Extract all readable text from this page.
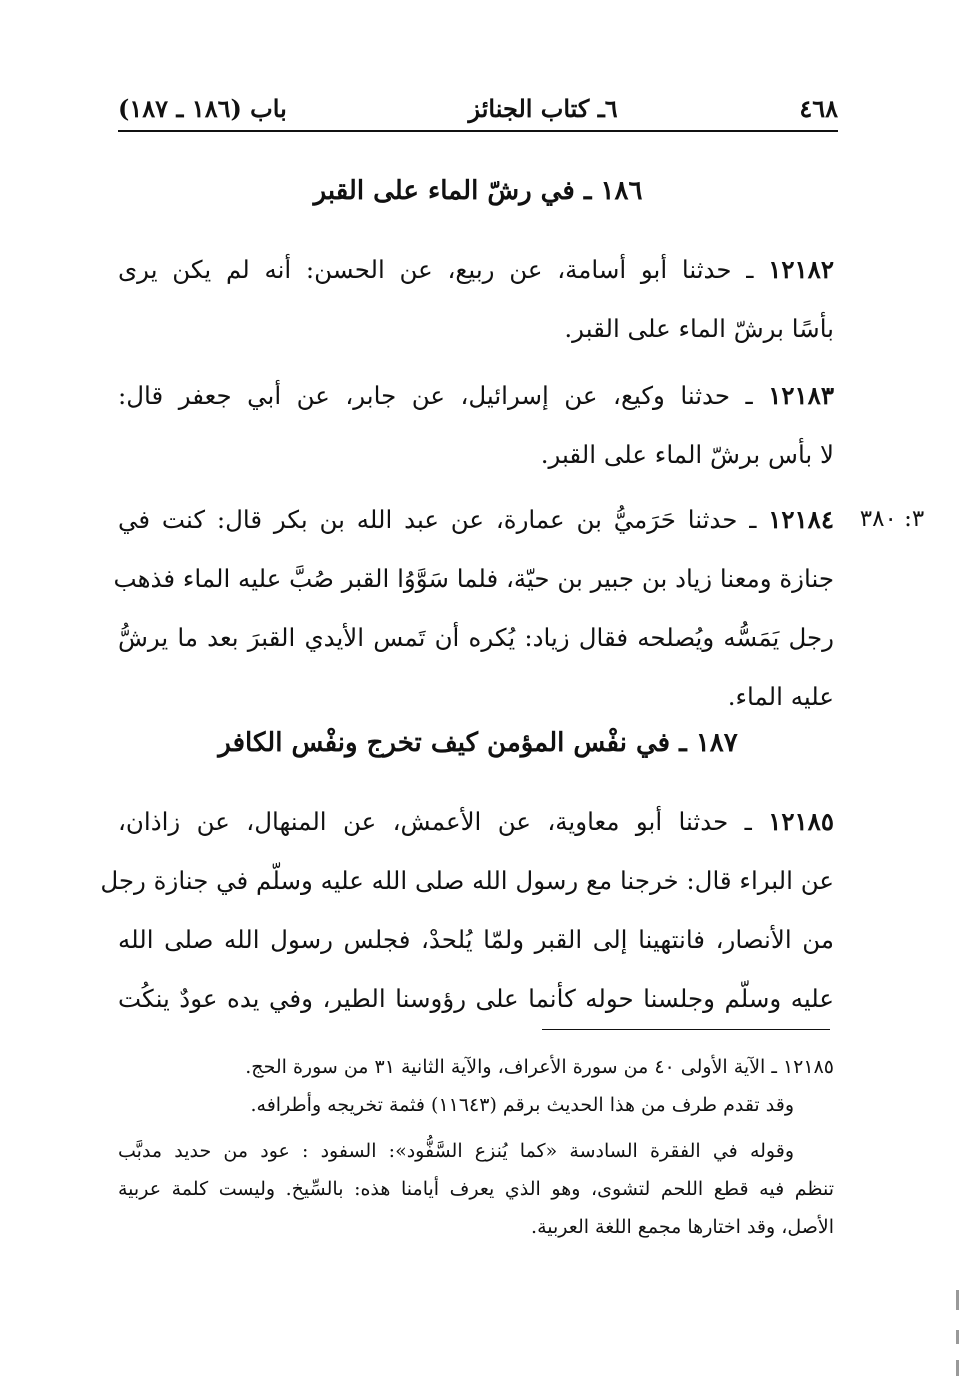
٤٦٨
٦ـ كتاب الجنائز
باب (١٨٦ ـ ١٨٧)
١٨٦ ـ في رشّ الماء على القبر
١٢١٨٢ ـ حدثنا أبو أسامة، عن ربيع، عن الحسن: أنه لم يكن يرى
بأسًا برشّ الماء على القبر.
١٢١٨٣ ـ حدثنا وكيع، عن إسرائيل، عن جابر، عن أبي جعفر قال:
لا بأس برشّ الماء على القبر.
٣: ٣٨٠
١٢١٨٤ ـ حدثنا حَرَميُّ بن عمارة، عن عبد الله بن بكر قال: كنت في
جنازة ومعنا زياد بن جبير بن حيّة، فلما سَوَّوُا القبر صُبَّ عليه الماء فذهب
رجل يَمَسُّه ويُصلحه فقال زياد: يُكره أن تَمس الأيدي القبرَ بعد ما يرشُّ
عليه الماء.
١٨٧ ـ في نفْس المؤمن كيف تخرج ونفْس الكافر
١٢١٨٥ ـ حدثنا أبو معاوية، عن الأعمش، عن المنهال، عن زاذان،
عن البراء قال: خرجنا مع رسول الله صلى الله عليه وسلّم في جنازة رجل
من الأنصار، فانتهينا إلى القبر ولمّا يُلحدْ، فجلس رسول الله صلى الله
عليه وسلّم وجلسنا حوله كأنما على رؤوسنا الطير، وفي يده عودٌ ينكُت
١٢١٨٥ ـ الآية الأولى ٤٠ من سورة الأعراف، والآية الثانية ٣١ من سورة الحج.
وقد تقدم طرف من هذا الحديث برقم (١١٦٤٣) فثمة تخريجه وأطرافه.
وقوله في الفقرة السادسة «كما يُنزع السَّفُّود»: السفود : عود من حديد مدبَّب
تنظم فيه قطع اللحم لتشوى، وهو الذي يعرف أيامنا هذه: بالسِّيخ. وليست كلمة عربية
الأصل، وقد اختارها مجمع اللغة العربية.
